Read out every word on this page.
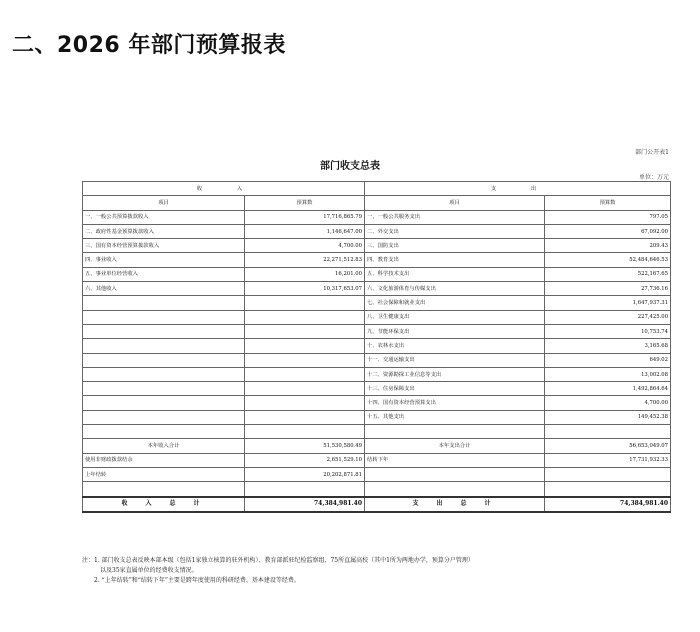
二、2026 年部门预算报表
部门公开表1
部门收支总表
单位：万元
收　　入		支　　出	
项目	预算数	项目	预算数
一、一般公共预算拨款收入	17,716,865.79	一、一般公共服务支出	797.05
二、政府性基金预算拨款收入	1,146,647.00	二、外交支出	67,092.00
三、国有资本经营预算拨款收入	4,700.00	三、国防支出	209.43
四、事业收入	22,271,512.83	四、教育支出	52,484,646.53
五、事业单位经营收入	16,201.00	五、科学技术支出	522,167.65
六、其他收入	10,317,653.07	六、文化旅游体育与传媒支出	27,736.16
		七、社会保障和就业支出	1,647,937.31
		八、卫生健康支出	227,425.00
		九、节能环保支出	10,753.74
		十、农林水支出	3,165.68
		十一、交通运输支出	649.02
		十二、资源勘探工业信息等支出	13,002.08
		十三、住房保障支出	1,492,864.64
		十四、国有资本经营预算支出	4,700.00
		十五、其他支出	149,452.38

本年收入合计	51,530,580.49	本年支出合计	56,653,049.07
使用非财政拨款结余	2,651,529.10	结转下年	17,731,932.33
上年结转	20,202,871.81		

收　入　总　计	74,384,981.40	支　出　总　计	74,384,981.40
注：1. 部门收支总表反映本部本级（包括1家独立核算的驻外机构）、教育部派驻纪检监察组、75所直属高校（其中1所为两地办学，预算分户管理）
　　　以及35家直属单位的经费收支情况。
　　2. “上年结转”和“结转下年”主要是跨年度使用的科研经费、基本建设等经费。
